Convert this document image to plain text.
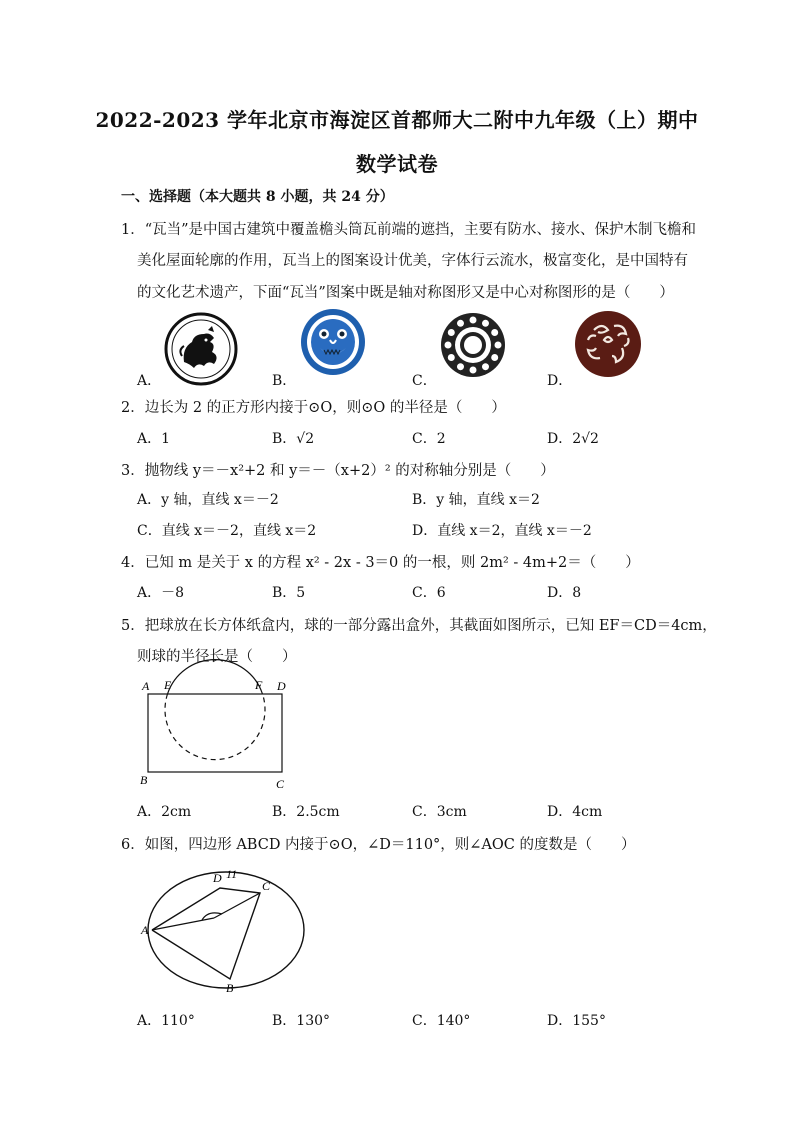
2022-2023 学年北京市海淀区首都师大二附中九年级（上）期中
数学试卷
一、选择题（本大题共 8 小题，共 24 分）
1．“瓦当”是中国古建筑中覆盖檐头筒瓦前端的遮挡，主要有防水、接水、保护木制飞檐和
美化屋面轮廓的作用，瓦当上的图案设计优美，字体行云流水，极富变化，是中国特有
的文化艺术遗产，下面“瓦当”图案中既是轴对称图形又是中心对称图形的是（　　）
A．	B．	C．	D．
2．边长为 2 的正方形内接于⊙O，则⊙O 的半径是（　　）
A．1	B．√2	C．2	D．2√2
3．抛物线 y＝－x²+2 和 y＝－（x+2）² 的对称轴分别是（　　）
A．y 轴，直线 x＝－2	B．y 轴，直线 x＝2
C．直线 x＝－2，直线 x＝2	D．直线 x＝2，直线 x＝－2
4．已知 m 是关于 x 的方程 x² - 2x - 3＝0 的一根，则 2m² - 4m+2＝（　　）
A．－8	B．5	C．6	D．8
5．把球放在长方体纸盒内，球的一部分露出盒外，其截面如图所示，已知 EF＝CD＝4cm，
则球的半径长是（　　）
A E	F D
B	C
A．2cm	B．2.5cm	C．3cm	D．4cm
6．如图，四边形 ABCD 内接于⊙O，∠D＝110°，则∠AOC 的度数是（　　）
D 11
C
A
B
A．110°	B．130°	C．140°	D．155°
